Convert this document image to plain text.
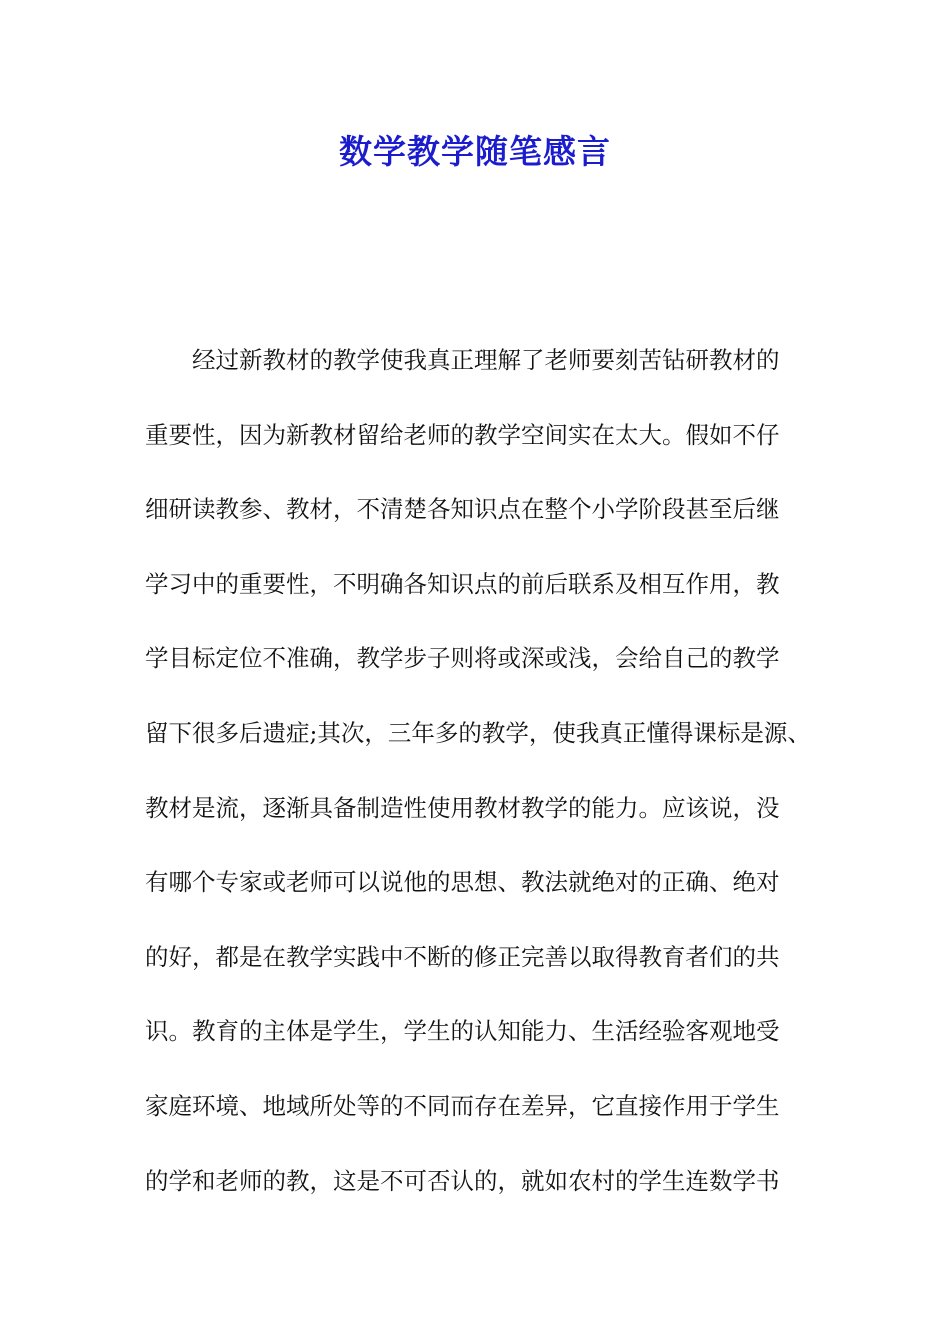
数学教学随笔感言
经过新教材的教学使我真正理解了老师要刻苦钻研教材的
重要性，因为新教材留给老师的教学空间实在太大。假如不仔
细研读教参、教材，不清楚各知识点在整个小学阶段甚至后继
学习中的重要性，不明确各知识点的前后联系及相互作用，教
学目标定位不准确，教学步子则将或深或浅，会给自己的教学
留下很多后遗症;其次，三年多的教学，使我真正懂得课标是源、
教材是流，逐渐具备制造性使用教材教学的能力。应该说，没
有哪个专家或老师可以说他的思想、教法就绝对的正确、绝对
的好，都是在教学实践中不断的修正完善以取得教育者们的共
识。教育的主体是学生，学生的认知能力、生活经验客观地受
家庭环境、地域所处等的不同而存在差异，它直接作用于学生
的学和老师的教，这是不可否认的，就如农村的学生连数学书
